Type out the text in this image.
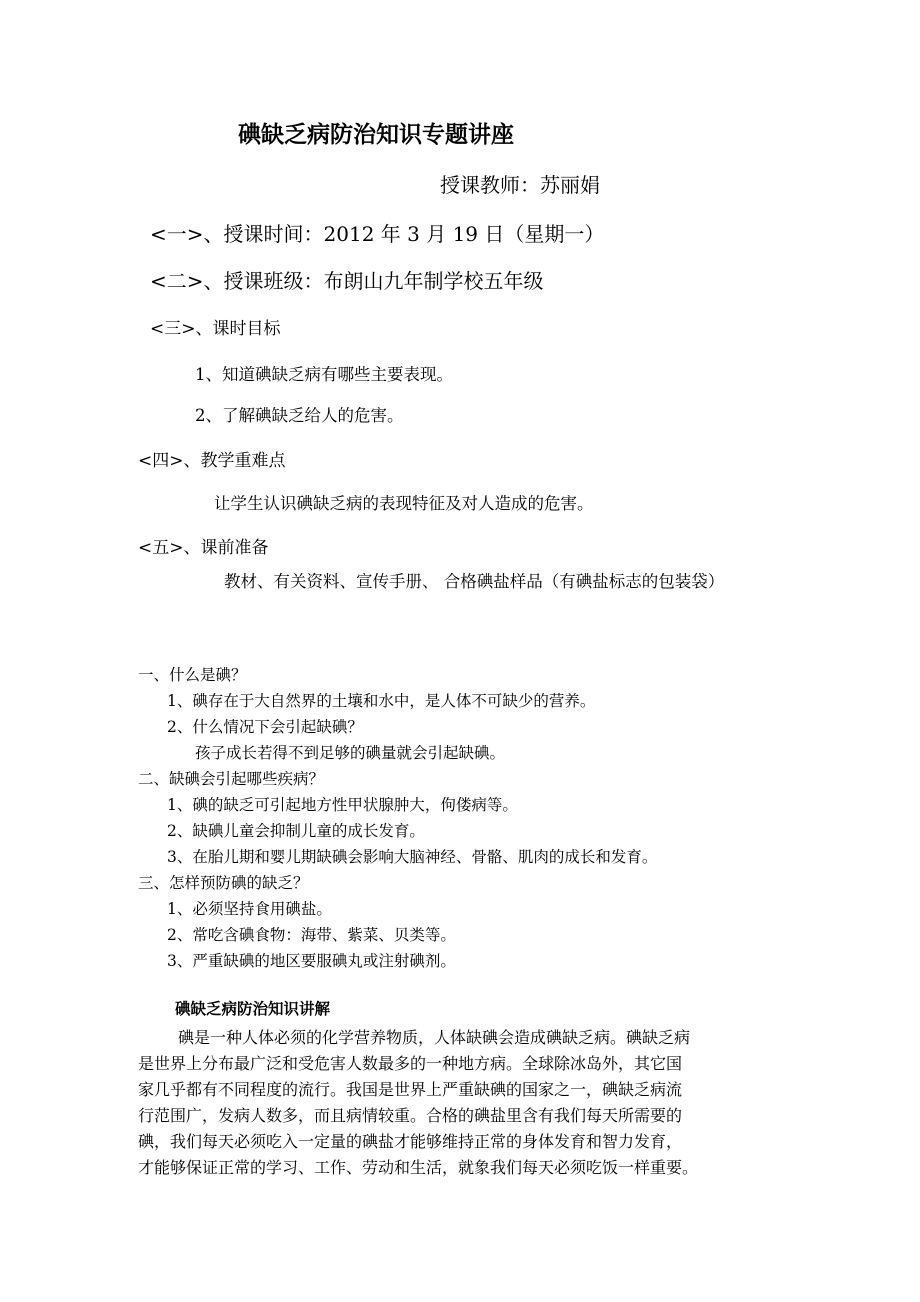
碘缺乏病防治知识专题讲座
授课教师：苏丽娟
<一>、授课时间：2012 年 3 月 19 日（星期一）
<二>、授课班级：布朗山九年制学校五年级
<三>、课时目标
1、知道碘缺乏病有哪些主要表现。
2、了解碘缺乏给人的危害。
<四>、教学重难点
让学生认识碘缺乏病的表现特征及对人造成的危害。
<五>、课前准备
教材、有关资料、宣传手册、 合格碘盐样品（有碘盐标志的包装袋）
一、什么是碘？
1、碘存在于大自然界的土壤和水中，是人体不可缺少的营养。
2、什么情况下会引起缺碘？
孩子成长若得不到足够的碘量就会引起缺碘。
二、缺碘会引起哪些疾病？
1、碘的缺乏可引起地方性甲状腺肿大，佝偻病等。
2、缺碘儿童会抑制儿童的成长发育。
3、在胎儿期和婴儿期缺碘会影响大脑神经、骨骼、肌肉的成长和发育。
三、怎样预防碘的缺乏？
1、必须坚持食用碘盐。
2、常吃含碘食物：海带、紫菜、贝类等。
3、严重缺碘的地区要服碘丸或注射碘剂。
碘缺乏病防治知识讲解
碘是一种人体必须的化学营养物质，人体缺碘会造成碘缺乏病。碘缺乏病
是世界上分布最广泛和受危害人数最多的一种地方病。全球除冰岛外，其它国
家几乎都有不同程度的流行。我国是世界上严重缺碘的国家之一，碘缺乏病流
行范围广，发病人数多，而且病情较重。合格的碘盐里含有我们每天所需要的
碘，我们每天必须吃入一定量的碘盐才能够维持正常的身体发育和智力发育，
才能够保证正常的学习、工作、劳动和生活，就象我们每天必须吃饭一样重要。
